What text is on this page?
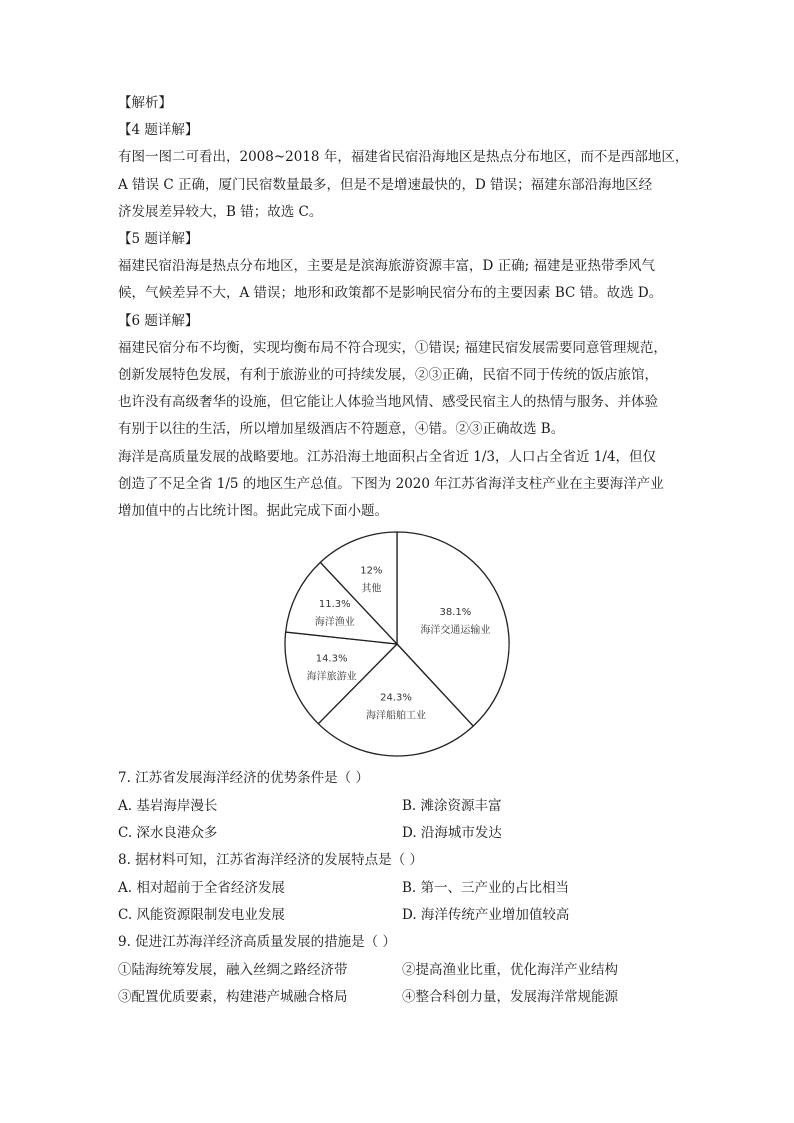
【解析】
【4 题详解】
有图一图二可看出，2008~2018 年，福建省民宿沿海地区是热点分布地区，而不是西部地区，
A 错误 C 正确，厦门民宿数量最多，但是不是增速最快的，D 错误；福建东部沿海地区经
济发展差异较大，B 错；故选 C。
【5 题详解】
福建民宿沿海是热点分布地区，主要是是滨海旅游资源丰富，D 正确; 福建是亚热带季风气
候，气候差异不大，A 错误；地形和政策都不是影响民宿分布的主要因素 BC 错。故选 D。
【6 题详解】
福建民宿分布不均衡，实现均衡布局不符合现实，①错误; 福建民宿发展需要同意管理规范，
创新发展特色发展，有利于旅游业的可持续发展，②③正确，民宿不同于传统的饭店旅馆，
也许没有高级奢华的设施，但它能让人体验当地风情、感受民宿主人的热情与服务、并体验
有别于以往的生活，所以增加星级酒店不符题意，④错。②③正确故选 B。
海洋是高质量发展的战略要地。江苏沿海土地面积占全省近 1/3，人口占全省近 1/4，但仅
创造了不足全省 1/5 的地区生产总值。下图为 2020 年江苏省海洋支柱产业在主要海洋产业
增加值中的占比统计图。据此完成下面小题。
38.1%
海洋交通运输业
24.3%
海洋船舶工业
14.3%
海洋旅游业
11.3%
海洋渔业
12%
其他
7. 江苏省发展海洋经济的优势条件是（ ）
A. 基岩海岸漫长	B. 滩涂资源丰富
C. 深水良港众多	D. 沿海城市发达
8. 据材料可知，江苏省海洋经济的发展特点是（ ）
A. 相对超前于全省经济发展	B. 第一、三产业的占比相当
C. 风能资源限制发电业发展	D. 海洋传统产业增加值较高
9. 促进江苏海洋经济高质量发展的措施是（ ）
①陆海统筹发展，融入丝绸之路经济带	②提高渔业比重，优化海洋产业结构
③配置优质要素，构建港产城融合格局	④整合科创力量，发展海洋常规能源
